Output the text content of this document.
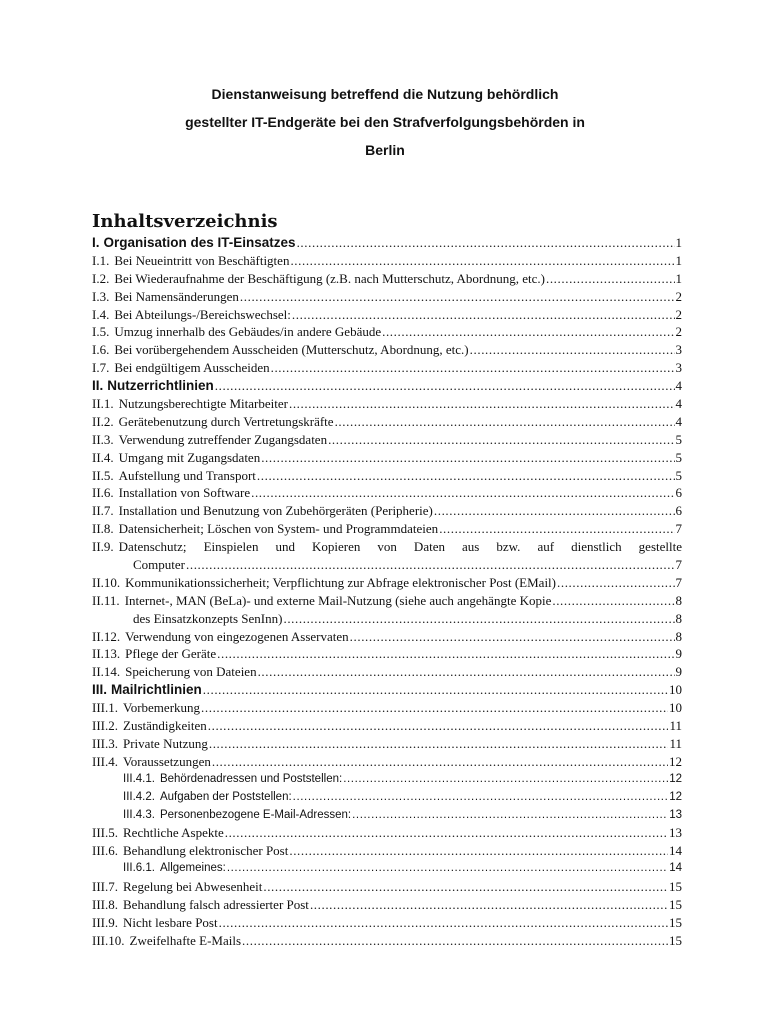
Dienstanweisung betreffend die Nutzung behördlich
gestellter IT-Endgeräte bei den Strafverfolgungsbehörden in
Berlin
Inhaltsverzeichnis
I. Organisation des IT-Einsatzes .....	1
I.1. Bei Neueintritt von Beschäftigten .....	1
I.2. Bei Wiederaufnahme der Beschäftigung (z.B. nach Mutterschutz, Abordnung, etc.) .....	1
I.3. Bei Namensänderungen .....	2
I.4. Bei Abteilungs-/Bereichswechsel: .....	2
I.5. Umzug innerhalb des Gebäudes/in andere Gebäude .....	2
I.6. Bei vorübergehendem Ausscheiden (Mutterschutz, Abordnung, etc.) .....	3
I.7. Bei endgültigem Ausscheiden .....	3
II. Nutzerrichtlinien .....	4
II.1. Nutzungsberechtigte Mitarbeiter .....	4
II.2. Gerätebenutzung durch Vertretungskräfte .....	4
II.3. Verwendung zutreffender Zugangsdaten .....	5
II.4. Umgang mit Zugangsdaten .....	5
II.5. Aufstellung und Transport .....	5
II.6. Installation von Software .....	6
II.7. Installation und Benutzung von Zubehörgeräten (Peripherie) .....	6
II.8. Datensicherheit; Löschen von System- und Programmdateien .....	7
II.9. Datenschutz; Einspielen und Kopieren von Daten aus bzw. auf dienstlich gestellte
Computer .....	7
II.10. Kommunikationssicherheit; Verpflichtung zur Abfrage elektronischer Post (EMail) .....	7
II.11. Internet-, MAN (BeLa)- und externe Mail-Nutzung (siehe auch angehängte Kopie .....	8
des Einsatzkonzepts SenInn) .....	8
II.12. Verwendung von eingezogenen Asservaten .....	8
II.13. Pflege der Geräte .....	9
II.14. Speicherung von Dateien .....	9
III. Mailrichtlinien .....	10
III.1. Vorbemerkung .....	10
III.2. Zuständigkeiten .....	11
III.3. Private Nutzung .....	11
III.4. Voraussetzungen .....	12
III.4.1. Behördenadressen und Poststellen: .....	12
III.4.2. Aufgaben der Poststellen: .....	12
III.4.3. Personenbezogene E-Mail-Adressen: .....	13
III.5. Rechtliche Aspekte .....	13
III.6. Behandlung elektronischer Post .....	14
III.6.1. Allgemeines: .....	14
III.7. Regelung bei Abwesenheit .....	15
III.8. Behandlung falsch adressierter Post .....	15
III.9. Nicht lesbare Post .....	15
III.10. Zweifelhafte E-Mails .....	15
